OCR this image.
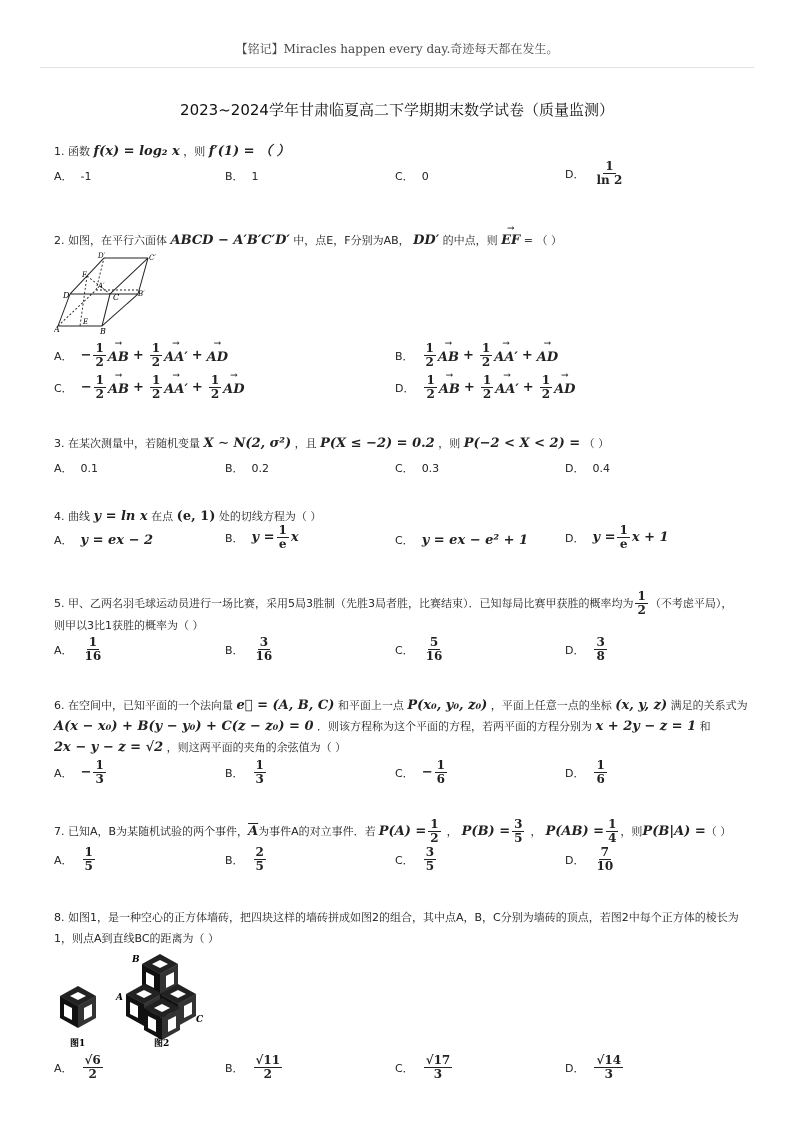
【铭记】Miracles happen every day.奇迹每天都在发生。
2023~2024学年甘肃临夏高二下学期期末数学试卷（质量监测）
1. 函数 f(x) = log₂ x ，则 f′(1) = （ ）
A． -1	B． 1	C． 0	D． $\frac{1}{\ln 2}$
2. 如图，在平行六面体 ABCD − A′B′C′D′ 中，点E，F分别为AB， DD′ 的中点，则 → EF = （ ）
A	B
C
D
A′
B′
C′
D′
E
F
A． − $\frac{1}{2}$ → AB + $\frac{1}{2} \to AA'$ + → AD	B． $\frac{1}{2}$ → AB + $\frac{1}{2} \to AA'$ + → AD
C． − $\frac{1}{2}$ → AB + $\frac{1}{2} \to AA' + \frac{1}{2}$ → AD	D． $\frac{1}{2}$ → AB + $\frac{1}{2} \to AA' + \frac{1}{2}$ → AD
3. 在某次测量中，若随机变量 X ∼ N(2, σ²) ，且 P(X ≤ −2) = 0.2 ，则 P(−2 < X < 2) = （ ）
A． 0.1	B． 0.2	C． 0.3	D． 0.4
4. 曲线 y = ln x 在点 (e, 1) 处的切线方程为（ ）
A． y = ex − 2	B． $y = \frac{1}{e}$ x	C． y = ex − e² + 1	D． $y = \frac{1}{e}$ x + 1
5. 甲、乙两名羽毛球运动员进行一场比赛，采用5局3胜制（先胜3局者胜，比赛结束）．已知每局比赛甲获胜的概率均为 $\frac{1}{2}$ （不考虑平局），
则甲以3比1获胜的概率为（ ）
A． $\frac{1}{16}$	B． $\frac{3}{16}$	C． $\frac{5}{16}$	D． $\frac{3}{8}$
6. 在空间中，已知平面的一个法向量 e⃗ = (A, B, C) 和平面上一点 P(x₀, y₀, z₀) ，平面上任意一点的坐标 (x, y, z) 满足的关系式为
A(x − x₀) + B(y − y₀) + C(z − z₀) = 0 ．则该方程称为这个平面的方程，若两平面的方程分别为 x + 2y − z = 1 和
2x − y − z = √2 ，则这两平面的夹角的余弦值为（ ）
A． − $\frac{1}{3}$	B． $\frac{1}{3}$	C． − $\frac{1}{6}$	D． $\frac{1}{6}$
7. 已知A，B为某随机试验的两个事件， $\overline{A}$ 为事件A的对立事件．若 $P(A) = \frac{1}{2}$ ， $P(B) = \frac{3}{5}$ ， $P(AB) = \frac{1}{4}$ ，则 P(B|A) = （ ）
A． $\frac{1}{5}$	B． $\frac{2}{5}$	C． $\frac{3}{5}$	D． $\frac{7}{10}$
8. 如图1，是一种空心的正方体墙砖，把四块这样的墙砖拼成如图2的组合，其中点A，B，C分别为墙砖的顶点，若图2中每个正方体的棱长为
1，则点A到直线BC的距离为（ ）
B
A
C
图1	图2
A． $\frac{√6}{2}$	B． $\frac{√11}{2}$	C． $\frac{√17}{3}$	D． $\frac{√14}{3}$
